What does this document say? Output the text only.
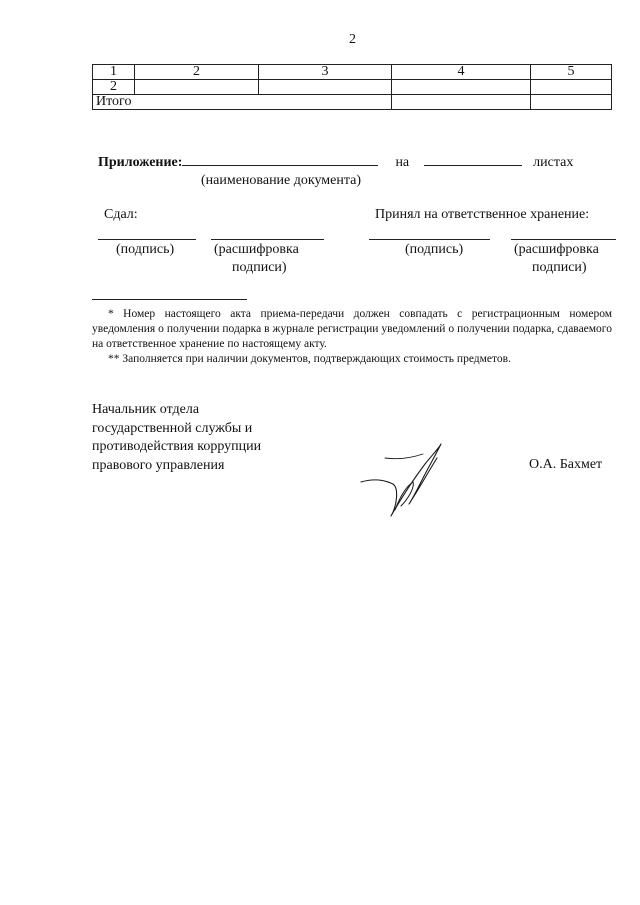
2
1	2	3	4	5
2				
Итого				
Приложение:	на	листах
(наименование документа)
Сдал:	Принял на ответственное хранение:
(подпись)	(расшифровка
подписи)
(подпись)	(расшифровка
подписи)

* Номер настоящего акта приема-передачи должен совпадать с регистрационным номером уведомления о получении подарка в журнале регистрации уведомлений о получении подарка, сдаваемого на ответственное хранение по настоящему акту.

** Заполняется при наличии документов, подтверждающих стоимость предметов.

Начальник отдела
государственной службы и
противодействия коррупции
правового управления	О.А. Бахмет
